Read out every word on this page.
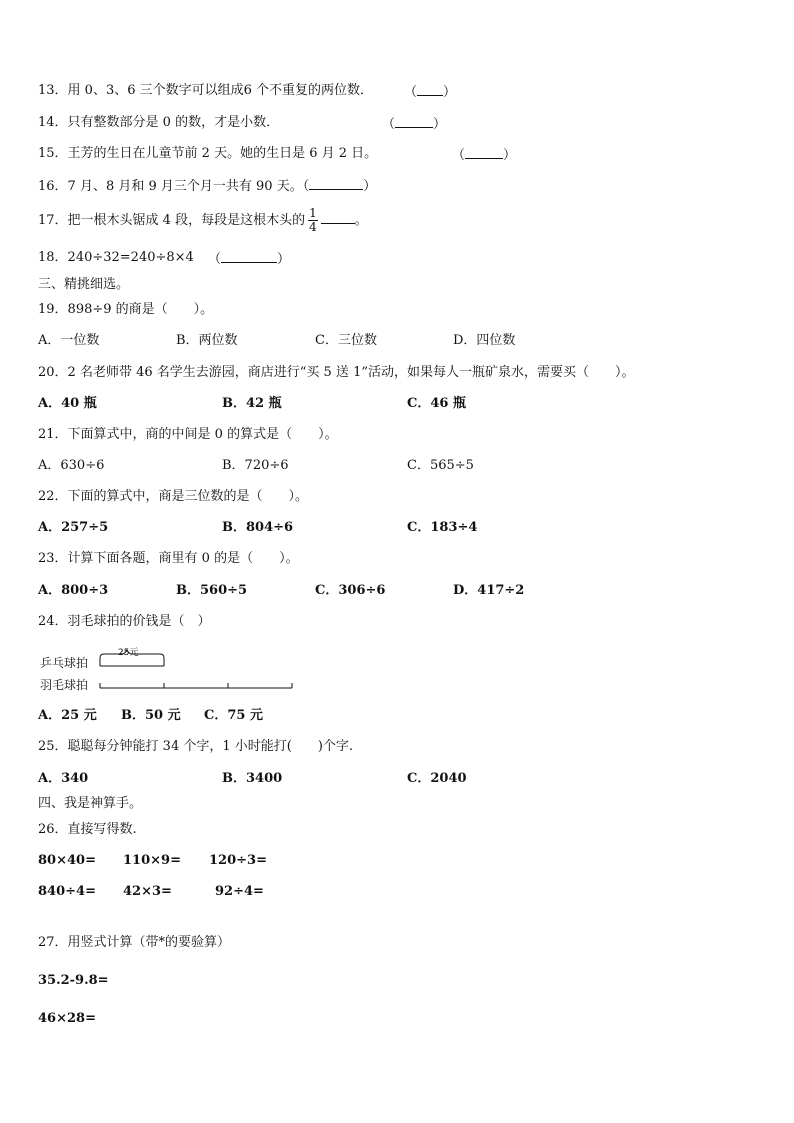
13．用 0、3、6 三个数字可以组成6 个不重复的两位数． （ ）
14．只有整数部分是 0 的数，才是小数．	（	）
15．王芳的生日在儿童节前 2 天。她的生日是 6 月 2 日。	（	）
16．7 月、8 月和 9 月三个月一共有 90 天。（	）
17．把一根木头锯成 4 段，每段是这根木头的 $\frac{1}{4}$	。
18．240÷32=240÷8×4 （	）
三、精挑细选。
19．898÷9 的商是（　　）。
A．一位数	B．两位数	C．三位数	D．四位数
20．2 名老师带 46 名学生去游园，商店进行“买 5 送 1”活动，如果每人一瓶矿泉水，需要买（　　）。
A．40 瓶	B．42 瓶	C．46 瓶
21．下面算式中，商的中间是 0 的算式是（　　）。
A．630÷6	B．720÷6	C．565÷5
22．下面的算式中，商是三位数的是（　　）。
A．257÷5	B．804÷6	C．183÷4
23．计算下面各题，商里有 0 的是（　　）。
A．800÷3	B．560÷5	C．306÷6	D．417÷2
24．羽毛球拍的价钱是（　）
乒乓球拍
羽毛球拍
25元
A．25 元 B．50 元 C．75 元
25．聪聪每分钟能打 34 个字，1 小时能打(　　)个字.
A．340	B．3400	C．2040
四、我是神算手。
26．直接写得数.
80×40= 110×9= 120÷3=
840÷4= 42×3=	92÷4=
27．用竖式计算（带*的要验算）
35.2-9.8=
46×28=
